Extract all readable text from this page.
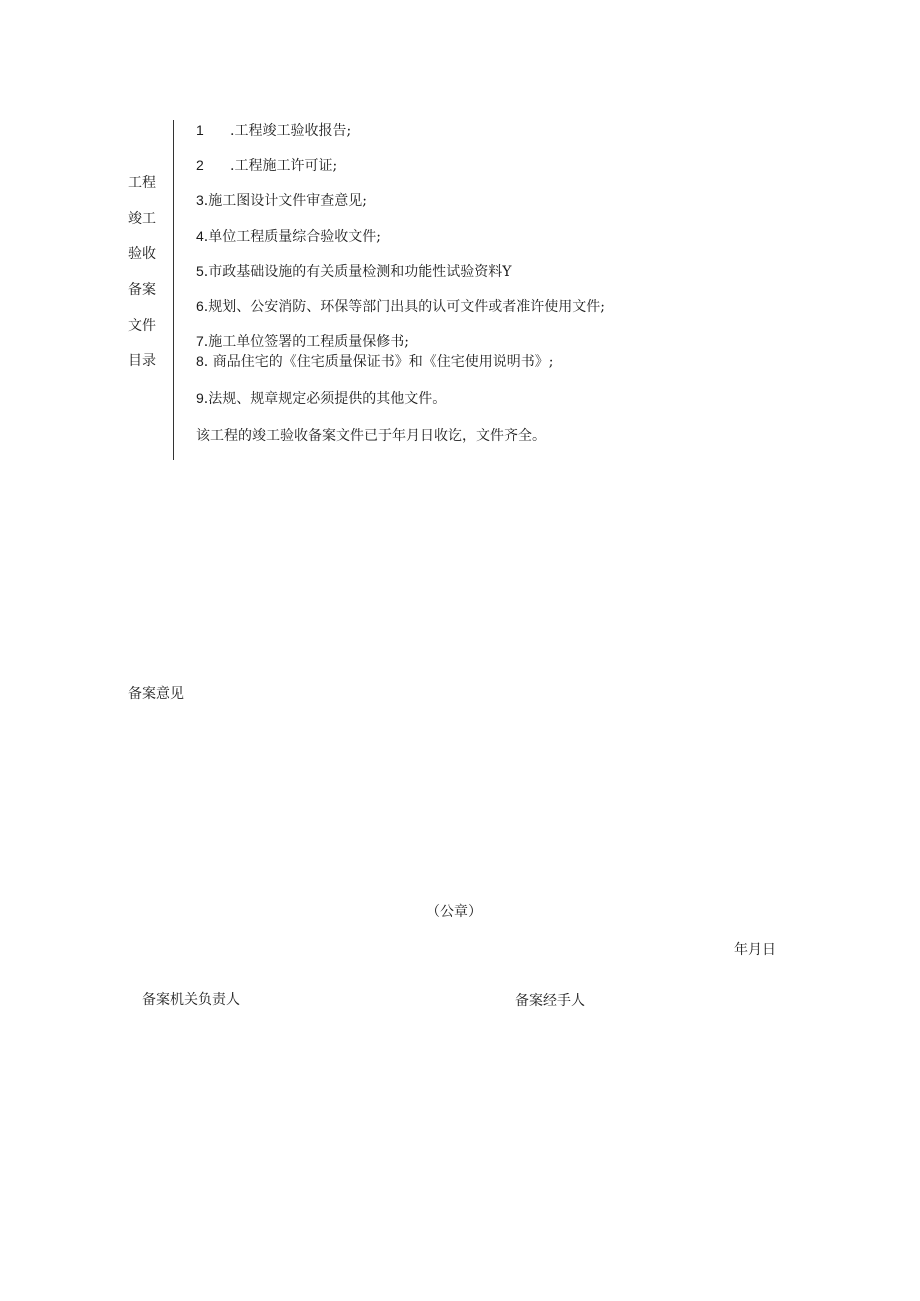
工程
竣工
验收
备案
文件
目录
1 .工程竣工验收报告;
2 .工程施工许可证;
3.施工图设计文件审查意见;
4.单位工程质量综合验收文件;
5.市政基础设施的有关质量检测和功能性试验资料Y
6.规划、公安消防、环保等部门出具的认可文件或者准许使用文件;
7.施工单位签署的工程质量保修书;
8. 商品住宅的《住宅质量保证书》和《住宅使用说明书》;
9.法规、规章规定必须提供的其他文件。
该工程的竣工验收备案文件已于年月日收讫，文件齐全。
备案意见
（公章）
年月日
备案机关负责人	备案经手人
